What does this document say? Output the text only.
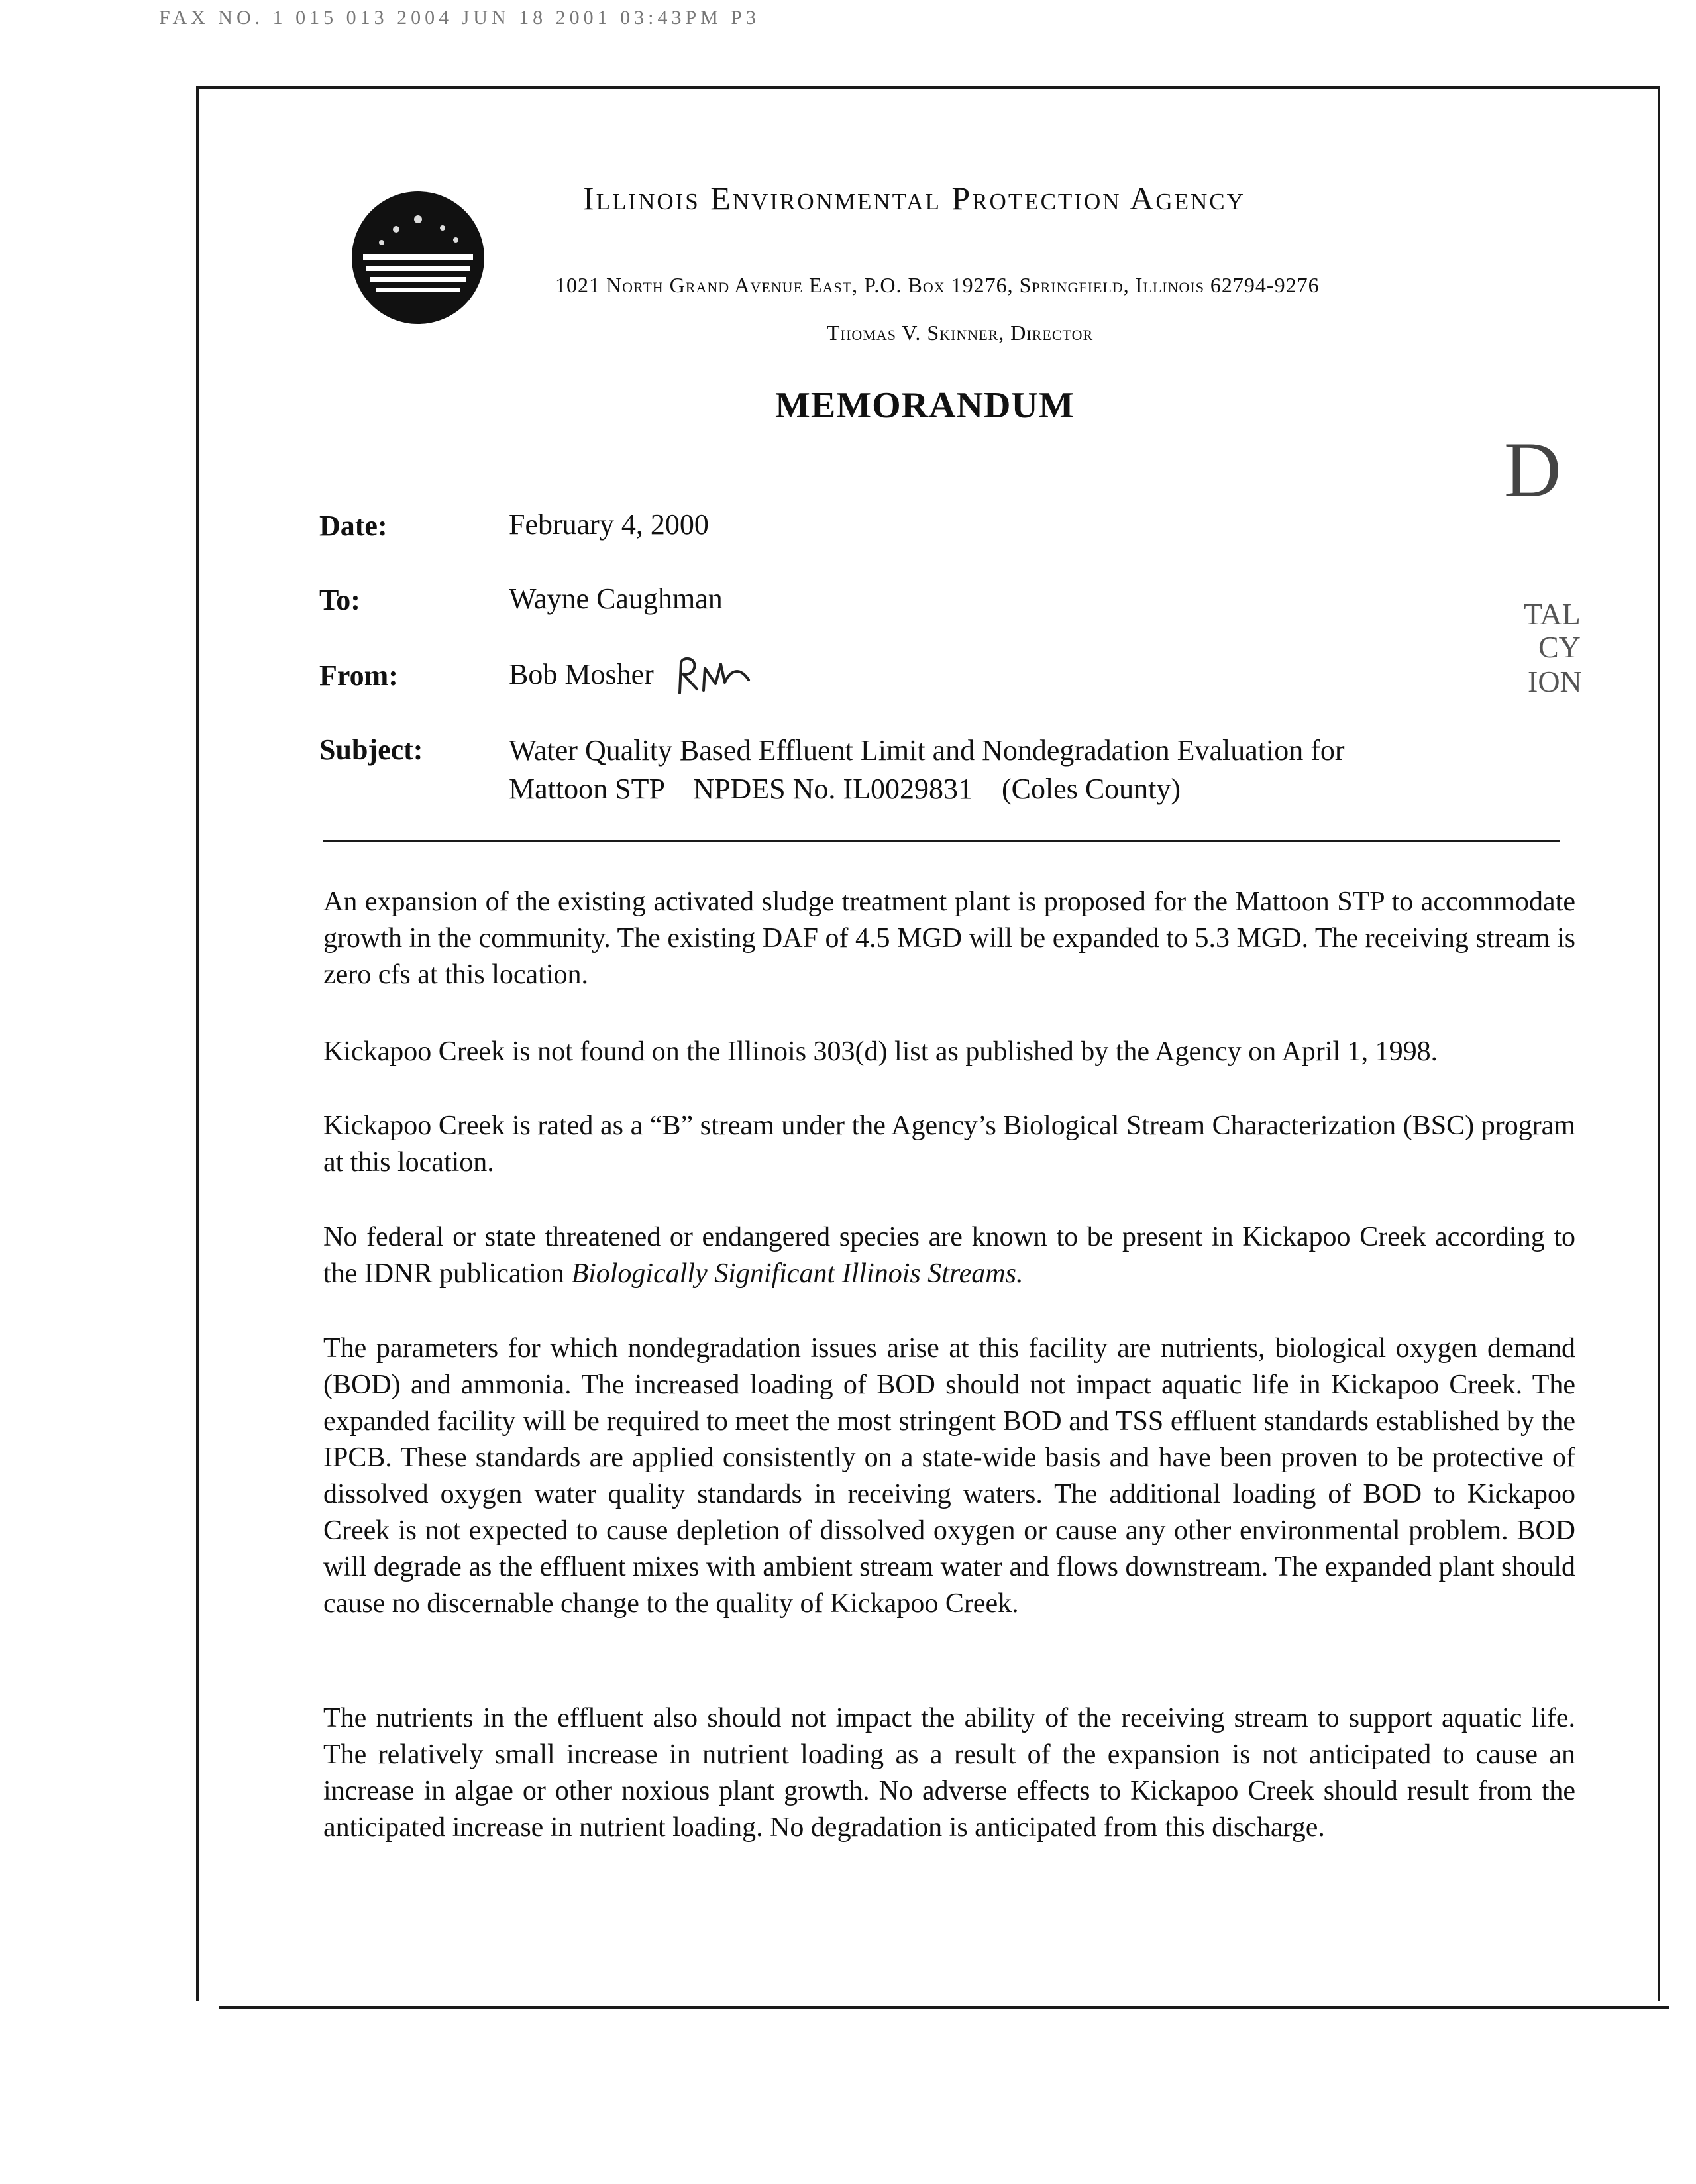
FAX NO. 1 015 013 2004 JUN 18 2001 03:43PM P3
Illinois Environmental Protection Agency
1021 North Grand Avenue East, P.O. Box 19276, Springfield, Illinois 62794-9276
Thomas V. Skinner, Director
MEMORANDUM
D
TAL
CY
ION
Date:	February 4, 2000
To:	Wayne Caughman
From:	Bob Mosher
Subject:	Water Quality Based Effluent Limit and Nondegradation Evaluation for
Mattoon STP    NPDES No. IL0029831    (Coles County)
An expansion of the existing activated sludge treatment plant is proposed for the Mattoon STP to accommodate growth in the community. The existing DAF of 4.5 MGD will be expanded to 5.3 MGD. The receiving stream is zero cfs at this location.
Kickapoo Creek is not found on the Illinois 303(d) list as published by the Agency on April 1, 1998.
Kickapoo Creek is rated as a “B” stream under the Agency’s Biological Stream Characterization (BSC) program at this location.
No federal or state threatened or endangered species are known to be present in Kickapoo Creek according to the IDNR publication Biologically Significant Illinois Streams.
The parameters for which nondegradation issues arise at this facility are nutrients, biological oxygen demand (BOD) and ammonia. The increased loading of BOD should not impact aquatic life in Kickapoo Creek. The expanded facility will be required to meet the most stringent BOD and TSS effluent standards established by the IPCB. These standards are applied consistently on a state-wide basis and have been proven to be protective of dissolved oxygen water quality standards in receiving waters. The additional loading of BOD to Kickapoo Creek is not expected to cause depletion of dissolved oxygen or cause any other environmental problem. BOD will degrade as the effluent mixes with ambient stream water and flows downstream. The expanded plant should cause no discernable change to the quality of Kickapoo Creek.
The nutrients in the effluent also should not impact the ability of the receiving stream to support aquatic life. The relatively small increase in nutrient loading as a result of the expansion is not anticipated to cause an increase in algae or other noxious plant growth. No adverse effects to Kickapoo Creek should result from the anticipated increase in nutrient loading. No degradation is anticipated from this discharge.
